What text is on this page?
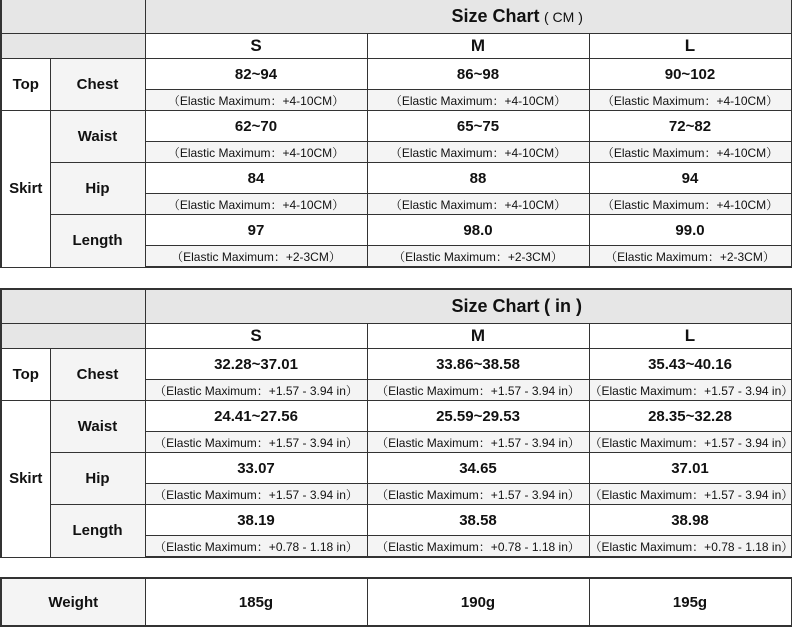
		Size Chart ( CM )		
		S	M	L
Top	Chest	82~94	86~98	90~102
		（Elastic Maximum：+4-10CM）	（Elastic Maximum：+4-10CM）	（Elastic Maximum：+4-10CM）
Skirt	Waist	62~70	65~75	72~82
		（Elastic Maximum：+4-10CM）	（Elastic Maximum：+4-10CM）	（Elastic Maximum：+4-10CM）
	Hip	84	88	94
		（Elastic Maximum：+4-10CM）	（Elastic Maximum：+4-10CM）	（Elastic Maximum：+4-10CM）
	Length	97	98.0	99.0
		（Elastic Maximum：+2-3CM）	（Elastic Maximum：+2-3CM）	（Elastic Maximum：+2-3CM）
		Size Chart ( in )		
		S	M	L
Top	Chest	32.28~37.01	33.86~38.58	35.43~40.16
		（Elastic Maximum：+1.57 - 3.94 in）	（Elastic Maximum：+1.57 - 3.94 in）	（Elastic Maximum：+1.57 - 3.94 in）
Skirt	Waist	24.41~27.56	25.59~29.53	28.35~32.28
		（Elastic Maximum：+1.57 - 3.94 in）	（Elastic Maximum：+1.57 - 3.94 in）	（Elastic Maximum：+1.57 - 3.94 in）
	Hip	33.07	34.65	37.01
		（Elastic Maximum：+1.57 - 3.94 in）	（Elastic Maximum：+1.57 - 3.94 in）	（Elastic Maximum：+1.57 - 3.94 in）
	Length	38.19	38.58	38.98
		（Elastic Maximum：+0.78 - 1.18 in）	（Elastic Maximum：+0.78 - 1.18 in）	（Elastic Maximum：+0.78 - 1.18 in）
Weight	185g	190g	195g
